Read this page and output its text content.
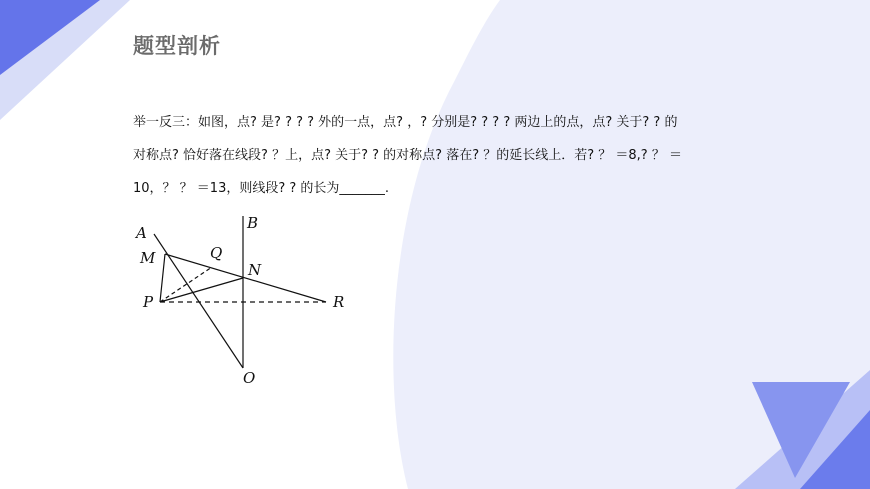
题型剖析
举一反三：如图，点? 是? ? ? ? 外的一点，点? ，? 分别是? ? ? ? 两边上的点，点? 关于? ? 的
对称点? 恰好落在线段? ？上，点? 关于? ? 的对称点? 落在? ？的延长线上．若? ？ ＝8,? ？ ＝
10，？ ？ ＝13，则线段? ? 的长为_______.
A
B
M	Q
N
P	R
O
